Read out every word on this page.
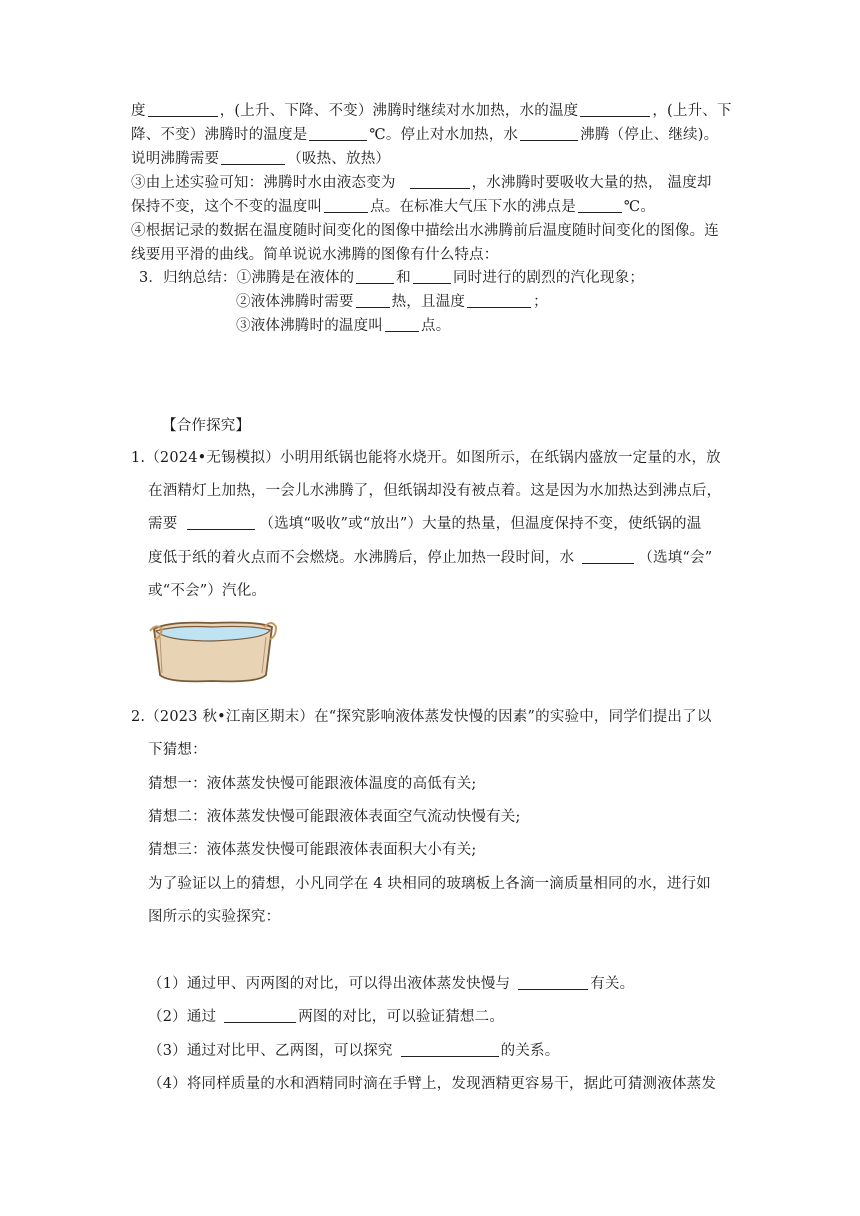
度	，(上升、下降、不变）沸腾时继续对水加热，水的温度	，(上升、下
降、不变）沸腾时的温度是	℃。停止对水加热，水	沸腾（停止、继续)。
说明沸腾需要	（吸热、放热）
③由上述实验可知：沸腾时水由液态变为	，水沸腾时要吸收大量的热， 温度却
保持不变，这个不变的温度叫	点。在标准大气压下水的沸点是	℃。
④根据记录的数据在温度随时间变化的图像中描绘出水沸腾前后温度随时间变化的图像。连
线要用平滑的曲线。简单说说水沸腾的图像有什么特点：
3．归纳总结：①沸腾是在液体的	和	同时进行的剧烈的汽化现象；
②液体沸腾时需要	热，且温度	；
③液体沸腾时的温度叫	点。
【合作探究】
1.（2024•无锡模拟）小明用纸锅也能将水烧开。如图所示，在纸锅内盛放一定量的水，放
在酒精灯上加热，一会儿水沸腾了，但纸锅却没有被点着。这是因为水加热达到沸点后，
需要	（选填“吸收”或“放出”）大量的热量，但温度保持不变，使纸锅的温
度低于纸的着火点而不会燃烧。水沸腾后，停止加热一段时间，水	（选填“会”
或“不会”）汽化。
2.（2023 秋•江南区期末）在“探究影响液体蒸发快慢的因素”的实验中，同学们提出了以
下猜想：
猜想一：液体蒸发快慢可能跟液体温度的高低有关;
猜想二：液体蒸发快慢可能跟液体表面空气流动快慢有关;
猜想三：液体蒸发快慢可能跟液体表面积大小有关;
为了验证以上的猜想，小凡同学在 4 块相同的玻璃板上各滴一滴质量相同的水，进行如
图所示的实验探究：
（1）通过甲、丙两图的对比，可以得出液体蒸发快慢与	有关。
（2）通过	两图的对比，可以验证猜想二。
（3）通过对比甲、乙两图，可以探究	的关系。
（4）将同样质量的水和酒精同时滴在手臂上，发现酒精更容易干，据此可猜测液体蒸发
